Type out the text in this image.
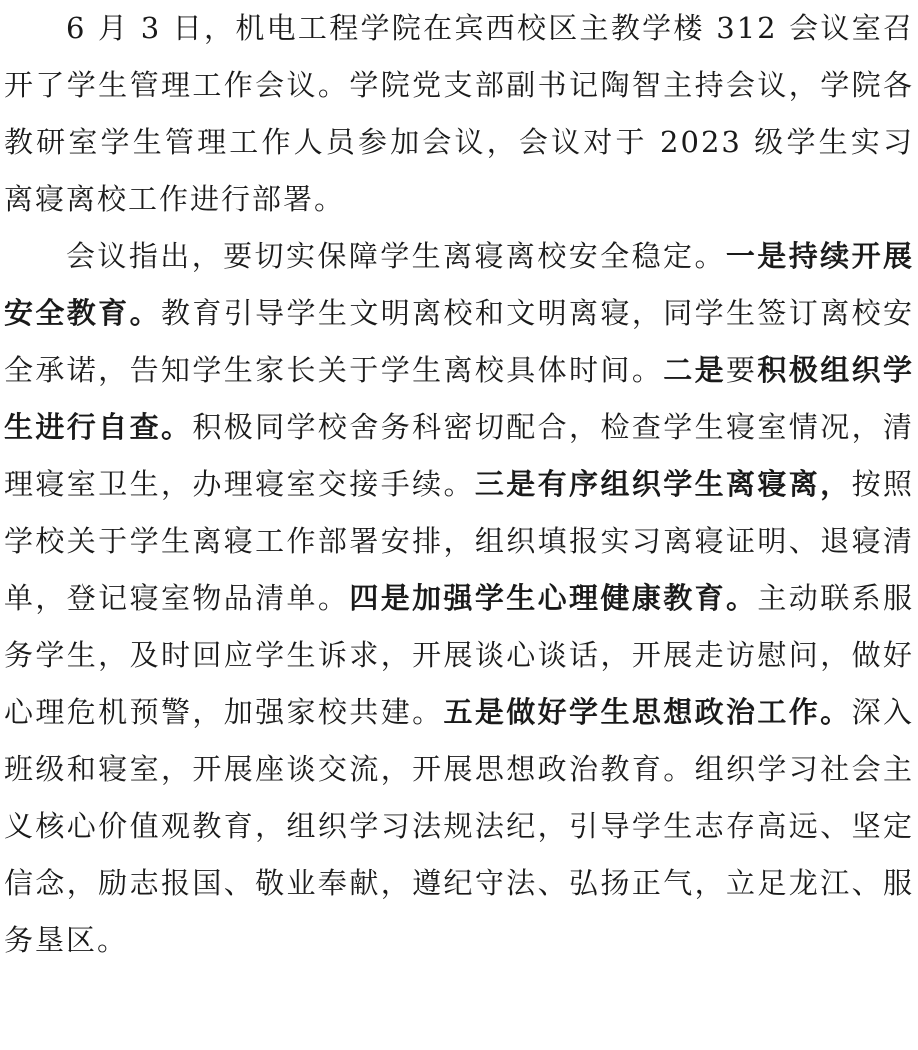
6 月 3 日，机电工程学院在宾西校区主教学楼 312 会议室召开了学生管理工作会议。学院党支部副书记陶智主持会议，学院各教研室学生管理工作人员参加会议，会议对于 2023 级学生实习离寝离校工作进行部署。

会议指出，要切实保障学生离寝离校安全稳定。一是持续开展安全教育。教育引导学生文明离校和文明离寝，同学生签订离校安全承诺，告知学生家长关于学生离校具体时间。二是要积极组织学生进行自查。积极同学校舍务科密切配合，检查学生寝室情况，清理寝室卫生，办理寝室交接手续。三是有序组织学生离寝离，按照学校关于学生离寝工作部署安排，组织填报实习离寝证明、退寝清单，登记寝室物品清单。四是加强学生心理健康教育。主动联系服务学生，及时回应学生诉求，开展谈心谈话，开展走访慰问，做好心理危机预警，加强家校共建。五是做好学生思想政治工作。深入班级和寝室，开展座谈交流，开展思想政治教育。组织学习社会主义核心价值观教育，组织学习法规法纪，引导学生志存高远、坚定信念，励志报国、敬业奉献，遵纪守法、弘扬正气，立足龙江、服务垦区。
